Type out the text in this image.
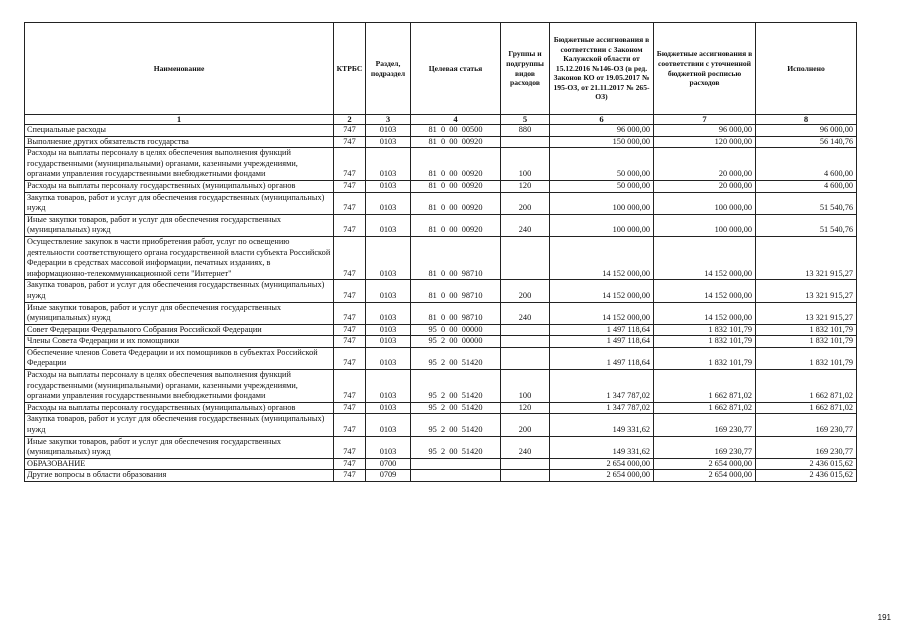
Наименование	КТРБС	Раздел, подраздел	Целевая статья	Группы и подгруппы видов расходов	Бюджетные ассигнования в соответствии с Законом Калужской области от 15.12.2016 №146-ОЗ (в ред. Законов КО от 19.05.2017 № 195-ОЗ, от 21.11.2017 № 265-ОЗ)	Бюджетные ассигнования в соответствии с уточненной бюджетной росписью расходов	Исполнено
1	2	3	4	5	6	7	8
Специальные расходы	747	0103	81  0  00  00500	880	96 000,00	96 000,00	96 000,00
Выполнение других обязательств государства	747	0103	81  0  00  00920		150 000,00	120 000,00	56 140,76
Расходы на выплаты персоналу в целях обеспечения выполнения функций государственными (муниципальными) органами, казенными учреждениями, органами управления государственными внебюджетными фондами	747	0103	81  0  00  00920	100	50 000,00	20 000,00	4 600,00
Расходы на выплаты персоналу государственных (муниципальных) органов	747	0103	81  0  00  00920	120	50 000,00	20 000,00	4 600,00
Закупка товаров, работ и услуг для обеспечения государственных (муниципальных) нужд	747	0103	81  0  00  00920	200	100 000,00	100 000,00	51 540,76
Иные закупки товаров, работ и услуг для обеспечения государственных (муниципальных) нужд	747	0103	81  0  00  00920	240	100 000,00	100 000,00	51 540,76
Осуществление закупок в части приобретения работ, услуг по освещению деятельности соответствующего органа государственной власти субъекта Российской Федерации в средствах массовой информации, печатных изданиях, в информационно-телекоммуникационной сети "Интернет"	747	0103	81  0  00  98710		14 152 000,00	14 152 000,00	13 321 915,27
Закупка товаров, работ и услуг для обеспечения государственных (муниципальных) нужд	747	0103	81  0  00  98710	200	14 152 000,00	14 152 000,00	13 321 915,27
Иные закупки товаров, работ и услуг для обеспечения государственных (муниципальных) нужд	747	0103	81  0  00  98710	240	14 152 000,00	14 152 000,00	13 321 915,27
Совет Федерации Федерального Собрания Российской Федерации	747	0103	95  0  00  00000		1 497 118,64	1 832 101,79	1 832 101,79
Члены Совета Федерации и их помощники	747	0103	95  2  00  00000		1 497 118,64	1 832 101,79	1 832 101,79
Обеспечение членов Совета Федерации и их помощников в субъектах Российской Федерации	747	0103	95  2  00  51420		1 497 118,64	1 832 101,79	1 832 101,79
Расходы на выплаты персоналу в целях обеспечения выполнения функций государственными (муниципальными) органами, казенными учреждениями, органами управления государственными внебюджетными фондами	747	0103	95  2  00  51420	100	1 347 787,02	1 662 871,02	1 662 871,02
Расходы на выплаты персоналу государственных (муниципальных) органов	747	0103	95  2  00  51420	120	1 347 787,02	1 662 871,02	1 662 871,02
Закупка товаров, работ и услуг для обеспечения государственных (муниципальных) нужд	747	0103	95  2  00  51420	200	149 331,62	169 230,77	169 230,77
Иные закупки товаров, работ и услуг для обеспечения государственных (муниципальных) нужд	747	0103	95  2  00  51420	240	149 331,62	169 230,77	169 230,77
ОБРАЗОВАНИЕ	747	0700			2 654 000,00	2 654 000,00	2 436 015,62
Другие вопросы в области образования	747	0709			2 654 000,00	2 654 000,00	2 436 015,62
191
